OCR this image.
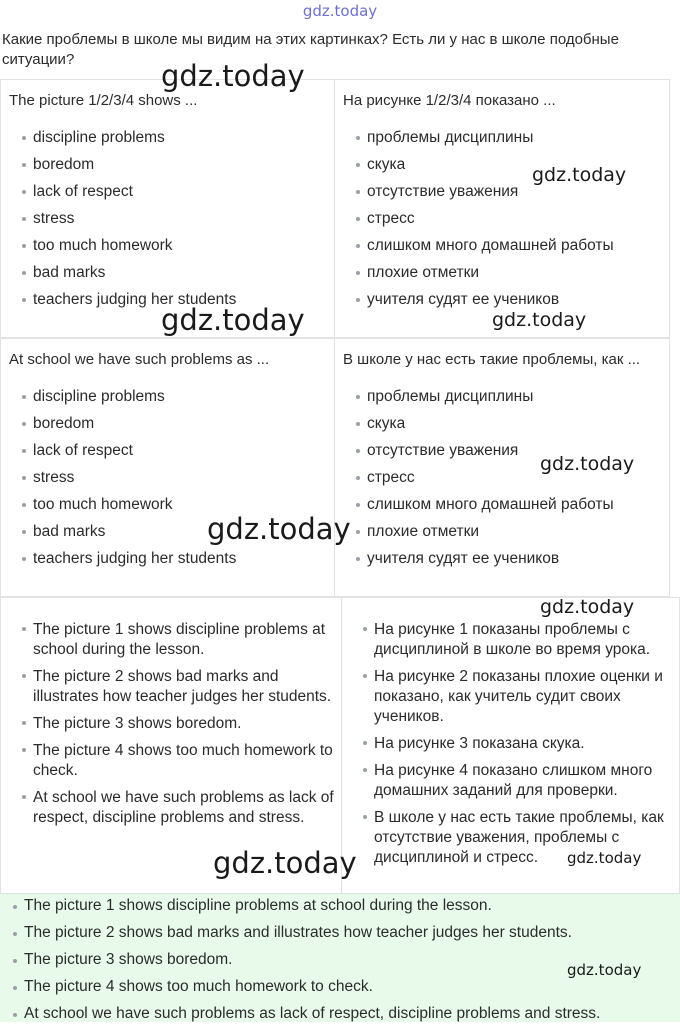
gdz.today
Какие проблемы в школе мы видим на этих картинках? Есть ли у нас в школе подобные ситуации?
The picture 1/2/3/4 shows ...
discipline problems
boredom
lack of respect
stress
too much homework
bad marks
teachers judging her students
На рисунке 1/2/3/4 показано ...
проблемы дисциплины
скука
отсутствие уважения
стресс
слишком много домашней работы
плохие отметки
учителя судят ее учеников
At school we have such problems as ...
discipline problems
boredom
lack of respect
stress
too much homework
bad marks
teachers judging her students
В школе у нас есть такие проблемы, как ...
проблемы дисциплины
скука
отсутствие уважения
стресс
слишком много домашней работы
плохие отметки
учителя судят ее учеников
The picture 1 shows discipline problems at school during the lesson.
The picture 2 shows bad marks and illustrates how teacher judges her students.
The picture 3 shows boredom.
The picture 4 shows too much homework to check.
At school we have such problems as lack of respect, discipline problems and stress.
На рисунке 1 показаны проблемы с дисциплиной в школе во время урока.
На рисунке 2 показаны плохие оценки и показано, как учитель судит своих учеников.
На рисунке 3 показана скука.
На рисунке 4 показано слишком много домашних заданий для проверки.
В школе у нас есть такие проблемы, как отсутствие уважения, проблемы с дисциплиной и стресс.
The picture 1 shows discipline problems at school during the lesson.
The picture 2 shows bad marks and illustrates how teacher judges her students.
The picture 3 shows boredom.
The picture 4 shows too much homework to check.
At school we have such problems as lack of respect, discipline problems and stress.
gdz.today
gdz.today
gdz.today	gdz.today
gdz.today
gdz.today
gdz.today
gdz.today	gdz.today
gdz.today
